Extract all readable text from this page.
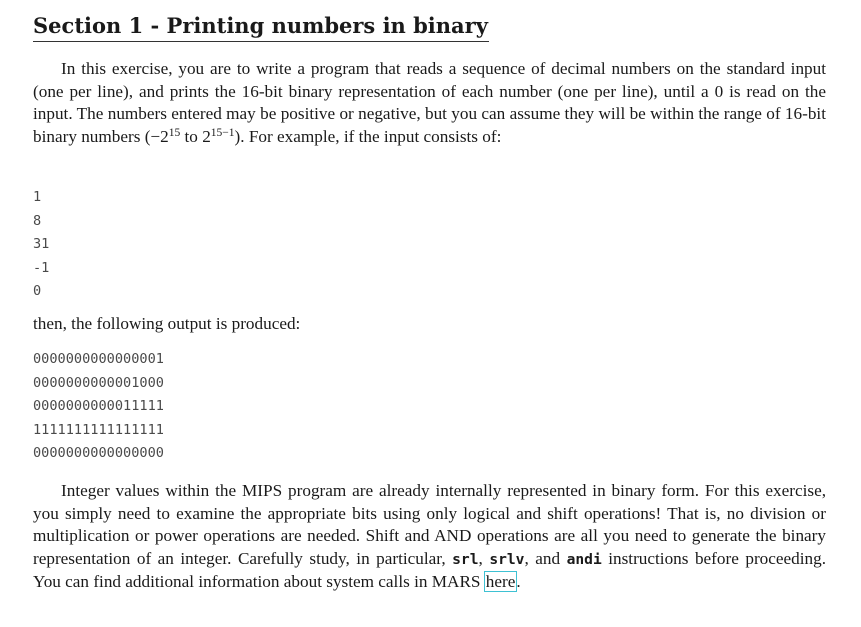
Section 1 - Printing numbers in binary

In this exercise, you are to write a program that reads a sequence of decimal numbers on the standard input (one per line), and prints the 16-bit binary representation of each number (one per line), until a 0 is read on the input. The numbers entered may be positive or negative, but you can assume they will be within the range of 16-bit binary numbers ($-2^{15}$ to $2^{15-1}$). For example, if the input consists of:

1
8
31
-1
0

then, the following output is produced:

0000000000000001
0000000000001000
0000000000011111
1111111111111111
0000000000000000

Integer values within the MIPS program are already internally represented in binary form. For this exercise, you simply need to examine the appropriate bits using only logical and shift operations! That is, no division or multiplication or power operations are needed. Shift and AND operations are all you need to generate the binary representation of an integer. Carefully study, in particular, srl, srlv, and andi instructions before proceeding. You can find additional information about system calls in MARS here.
